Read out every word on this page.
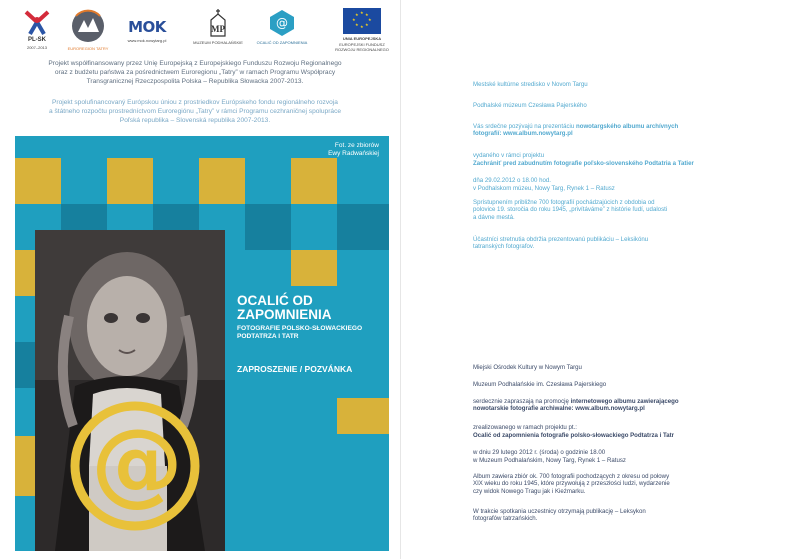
PL-SK
2007–2013	EUROREGION TATRY
MOK
www.mok.nowytarg.pl
MP
MUZEUM PODHALAŃSKIE
@
OCALIĆ OD ZAPOMNIENIA
★ ★
★
★
★
★
★
★
UNIA EUROPEJSKA
EUROPEJSKI FUNDUSZ ROZWOJU REGIONALNEGO
Projekt współfinansowany przez Unię Europejską z Europejskiego Funduszu Rozwoju Regionalnego
oraz z budżetu państwa za pośrednictwem Euroregionu „Tatry” w ramach Programu Współpracy
Transgranicznej Rzeczpospolita Polska – Republika Słowacka 2007-2013.
Projekt spolufinancovaný Európskou úniou z prostriedkov Európskeho fondu regionálneho rozvoja
a štátneho rozpočtu prostredníctvom Euroregiónu „Tatry” v rámci Programu cezhraničnej spolupráce
Poľská republika – Slovenská republika 2007-2013.
@
Fot. ze zbiorów
Ewy Radwańskiej
OCALIĆ OD
ZAPOMNIENIA
FOTOGRAFIE POLSKO-SŁOWACKIEGO
PODTATRZA I TATR
ZAPROSZENIE / POZVÁNKA
Mestské kultúrne stredisko v Novom Targu
Podhalské múzeum Czesława Pajerského
Vás srdečne pozývajú na prezentáciu nowotargského albumu archívnych
fotografií: www.album.nowytarg.pl
vydaného v rámci projektu
Zachrániť pred zabudnutím fotografie poľsko-slovenského Podtatria a Tatier
dňa 29.02.2012 o 18.00 hod.
v Podhalskom múzeu, Nowy Targ, Rynek 1 – Ratusz
Sprístupnením približne 700 fotografií pochádzajúcich z obdobia od
polovice 19. storočia do roku 1945, „privítáváme” z histórie ľudí, udalosti
a dávne mestá.
Účastníci stretnutia obdržia prezentovanú publikáciu – Leksikónu
tatranských fotografov.
Miejski Ośrodek Kultury w Nowym Targu
Muzeum Podhalańskie im. Czesława Pajerskiego
serdecznie zapraszają na promocję internetowego albumu zawierającego
nowotarskie fotografie archiwalne: www.album.nowytarg.pl
zrealizowanego w ramach projektu pt.:
Ocalić od zapomnienia fotografie polsko-słowackiego Podtatrza i Tatr
w dniu 29 lutego 2012 r. (środa) o godzinie 18.00
w Muzeum Podhalańskim, Nowy Targ, Rynek 1 – Ratusz
Album zawiera zbiór ok. 700 fotografii pochodzących z okresu od połowy
XIX wieku do roku 1945, które przywołują z przeszłości ludzi, wydarzenie
czy widok Nowego Tragu jak i Kieżmarku.
W trakcie spotkania uczestnicy otrzymają publikację – Leksykon
fotografów tatrzańskich.
